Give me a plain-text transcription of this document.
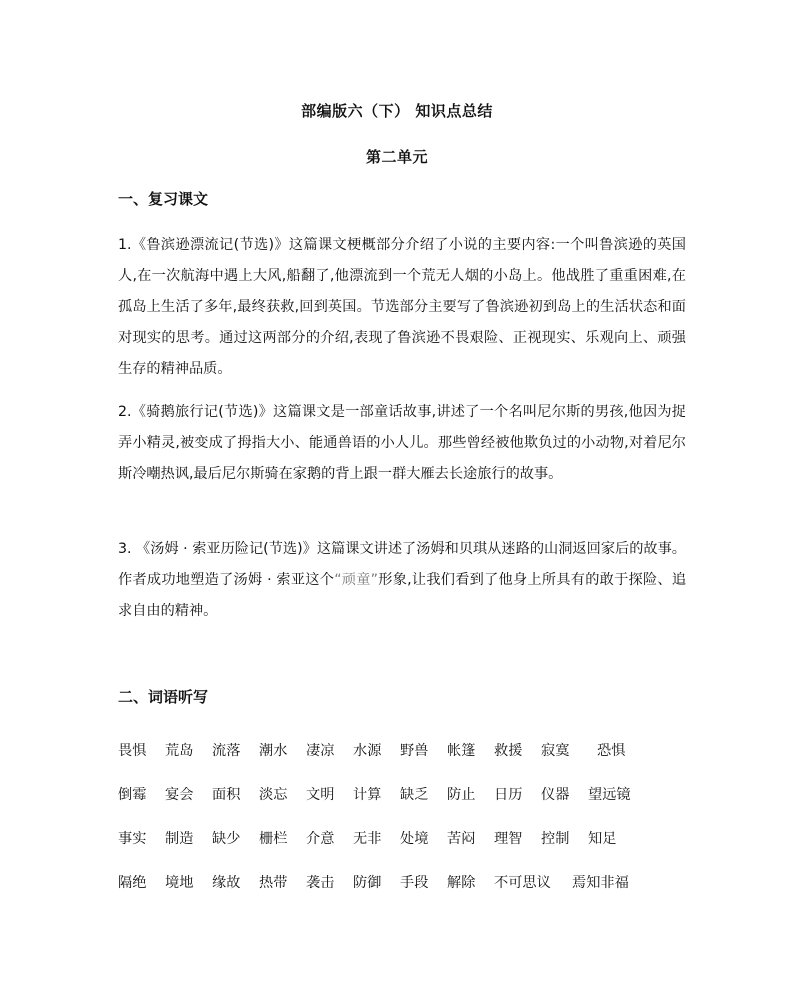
部编版六（下） 知识点总结
第二单元
一、复习课文
1.《鲁滨逊漂流记(节选)》这篇课文梗概部分介绍了小说的主要内容:一个叫鲁滨逊的英国人,在一次航海中遇上大风,船翻了,他漂流到一个荒无人烟的小岛上。他战胜了重重困难,在孤岛上生活了多年,最终获救,回到英国。节选部分主要写了鲁滨逊初到岛上的生活状态和面对现实的思考。通过这两部分的介绍,表现了鲁滨逊不畏艰险、正视现实、乐观向上、顽强生存的精神品质。
2.《骑鹅旅行记(节选)》这篇课文是一部童话故事,讲述了一个名叫尼尔斯的男孩,他因为捉弄小精灵,被变成了拇指大小、能通兽语的小人儿。那些曾经被他欺负过的小动物,对着尼尔斯冷嘲热讽,最后尼尔斯骑在家鹅的背上跟一群大雁去长途旅行的故事。
3. 《汤姆 · 索亚历险记(节选)》这篇课文讲述了汤姆和贝琪从迷路的山洞返回家后的故事。作者成功地塑造了汤姆 · 索亚这个“顽童”形象,让我们看到了他身上所具有的敢于探险、追求自由的精神。
二、词语听写
畏惧	荒岛	流落	潮水	凄凉	水源	野兽	帐篷	救援	寂寞	恐惧
倒霉	宴会	面积	淡忘	文明	计算	缺乏	防止	日历	仪器	望远镜
事实	制造	缺少	栅栏	介意	无非	处境	苦闷	理智	控制	知足
隔绝	境地	缘故	热带	袭击	防御	手段	解除	不可思议	焉知非福
